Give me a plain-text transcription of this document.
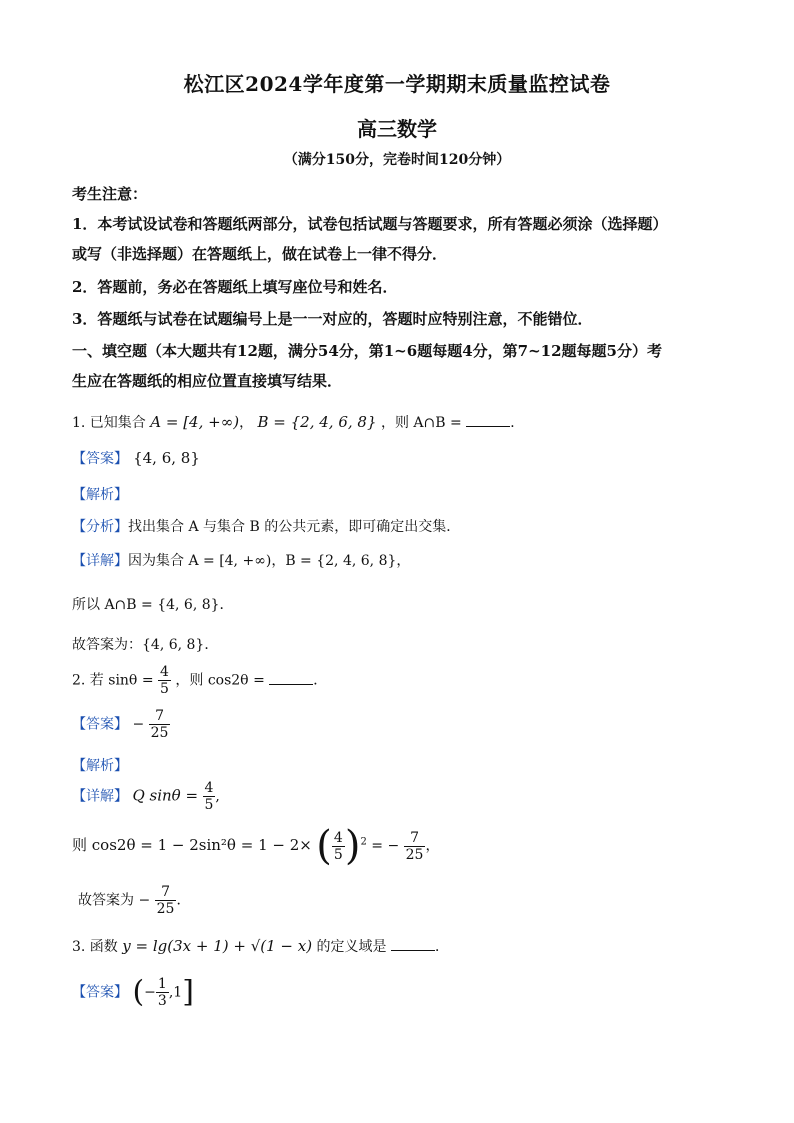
松江区2024学年度第一学期期末质量监控试卷
高三数学
（满分150分，完卷时间120分钟）
考生注意：
1．本考试设试卷和答题纸两部分，试卷包括试题与答题要求，所有答题必须涂（选择题）
或写（非选择题）在答题纸上，做在试卷上一律不得分．
2．答题前，务必在答题纸上填写座位号和姓名．
3．答题纸与试卷在试题编号上是一一对应的，答题时应特别注意，不能错位．
一、填空题（本大题共有12题，满分54分，第1~6题每题4分，第7~12题每题5分）考
生应在答题纸的相应位置直接填写结果．
1. 已知集合 A = [4, +∞)， B = {2, 4, 6, 8} ，则 A∩B =	．
【答案】 {4, 6, 8}
【解析】
【分析】找出集合 A 与集合 B 的公共元素，即可确定出交集．
【详解】因为集合 A = [4, +∞)，B = {2, 4, 6, 8}，
所以 A∩B = {4, 6, 8}．
故答案为：{4, 6, 8}．
2. 若 $\sin\theta = \frac{4}{5}$ ，则 cos2θ =	．
【答案】 − $\frac{7}{25}$
【解析】
【详解】 Q $\sin\theta = \frac{4}{5}$ ,
则 cos2θ = 1 − 2sin²θ = 1 − 2× ( $\frac{4}{5} )^2$ = − $\frac{7}{25}$ ，
故答案为 − $\frac{7}{25}$ ．
3. 函数 y = lg(3x + 1) + √(1 − x) 的定义域是	．
【答案】 (− $\frac{1}{3} ,1$]
